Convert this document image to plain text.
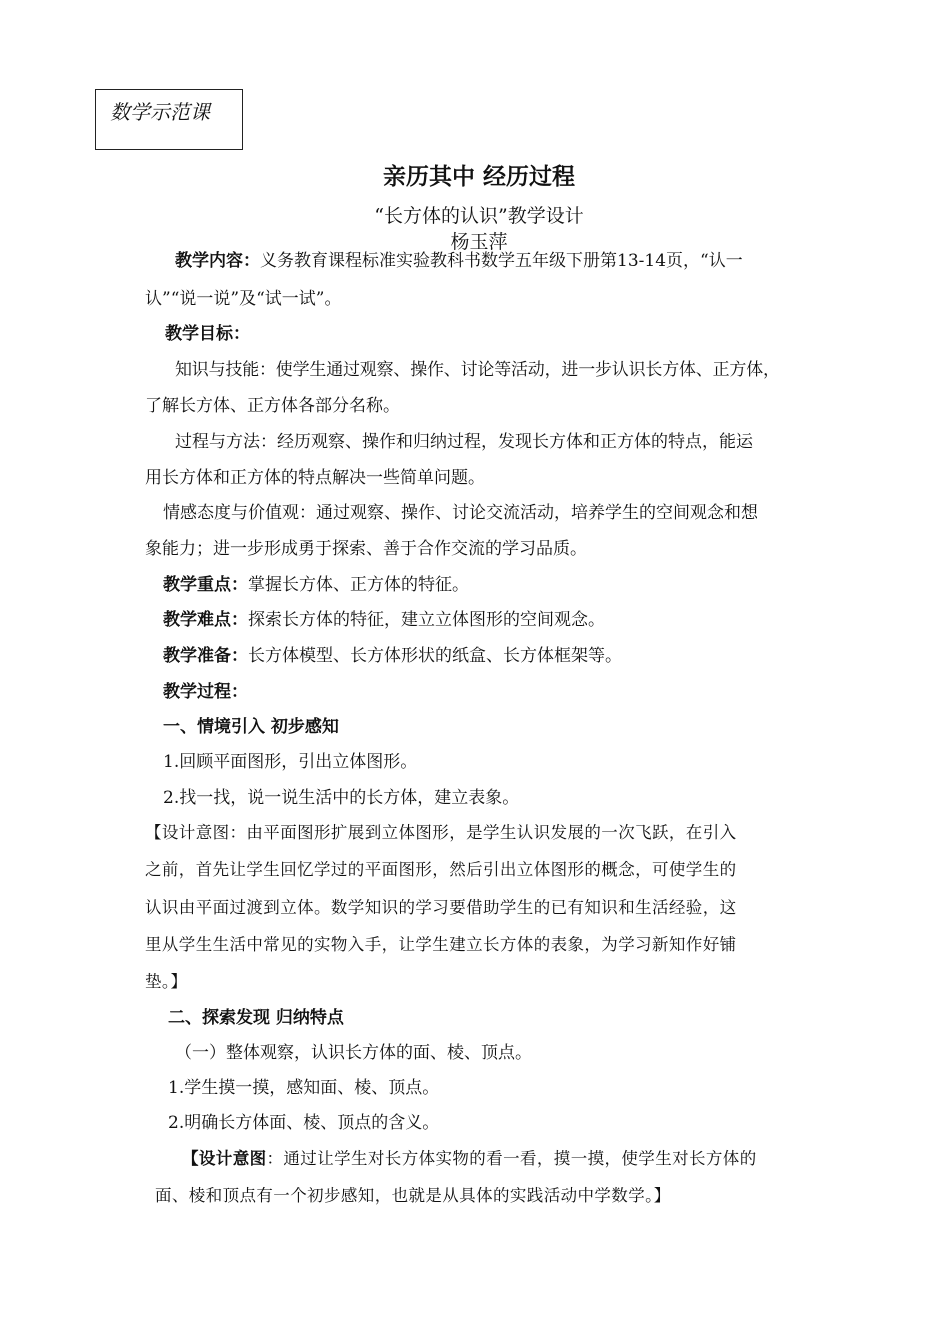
数学示范课
亲历其中 经历过程
“长方体的认识”教学设计
杨玉萍
教学内容：义务教育课程标准实验教科书数学五年级下册第13-14页，“认一
认”“说一说”及“试一试”。
教学目标：
知识与技能：使学生通过观察、操作、讨论等活动，进一步认识长方体、正方体，
了解长方体、正方体各部分名称。
过程与方法：经历观察、操作和归纳过程，发现长方体和正方体的特点，能运
用长方体和正方体的特点解决一些简单问题。
情感态度与价值观：通过观察、操作、讨论交流活动，培养学生的空间观念和想
象能力；进一步形成勇于探索、善于合作交流的学习品质。
教学重点：掌握长方体、正方体的特征。
教学难点：探索长方体的特征，建立立体图形的空间观念。
教学准备：长方体模型、长方体形状的纸盒、长方体框架等。
教学过程：
一、情境引入 初步感知
1.回顾平面图形，引出立体图形。
2.找一找，说一说生活中的长方体，建立表象。
【设计意图：由平面图形扩展到立体图形，是学生认识发展的一次飞跃，在引入
之前，首先让学生回忆学过的平面图形，然后引出立体图形的概念，可使学生的
认识由平面过渡到立体。数学知识的学习要借助学生的已有知识和生活经验，这
里从学生生活中常见的实物入手，让学生建立长方体的表象，为学习新知作好铺
垫。】
二、探索发现 归纳特点
（一）整体观察，认识长方体的面、棱、顶点。
1.学生摸一摸，感知面、棱、顶点。
2.明确长方体面、棱、顶点的含义。
【设计意图：通过让学生对长方体实物的看一看，摸一摸，使学生对长方体的
面、棱和顶点有一个初步感知，也就是从具体的实践活动中学数学。】
